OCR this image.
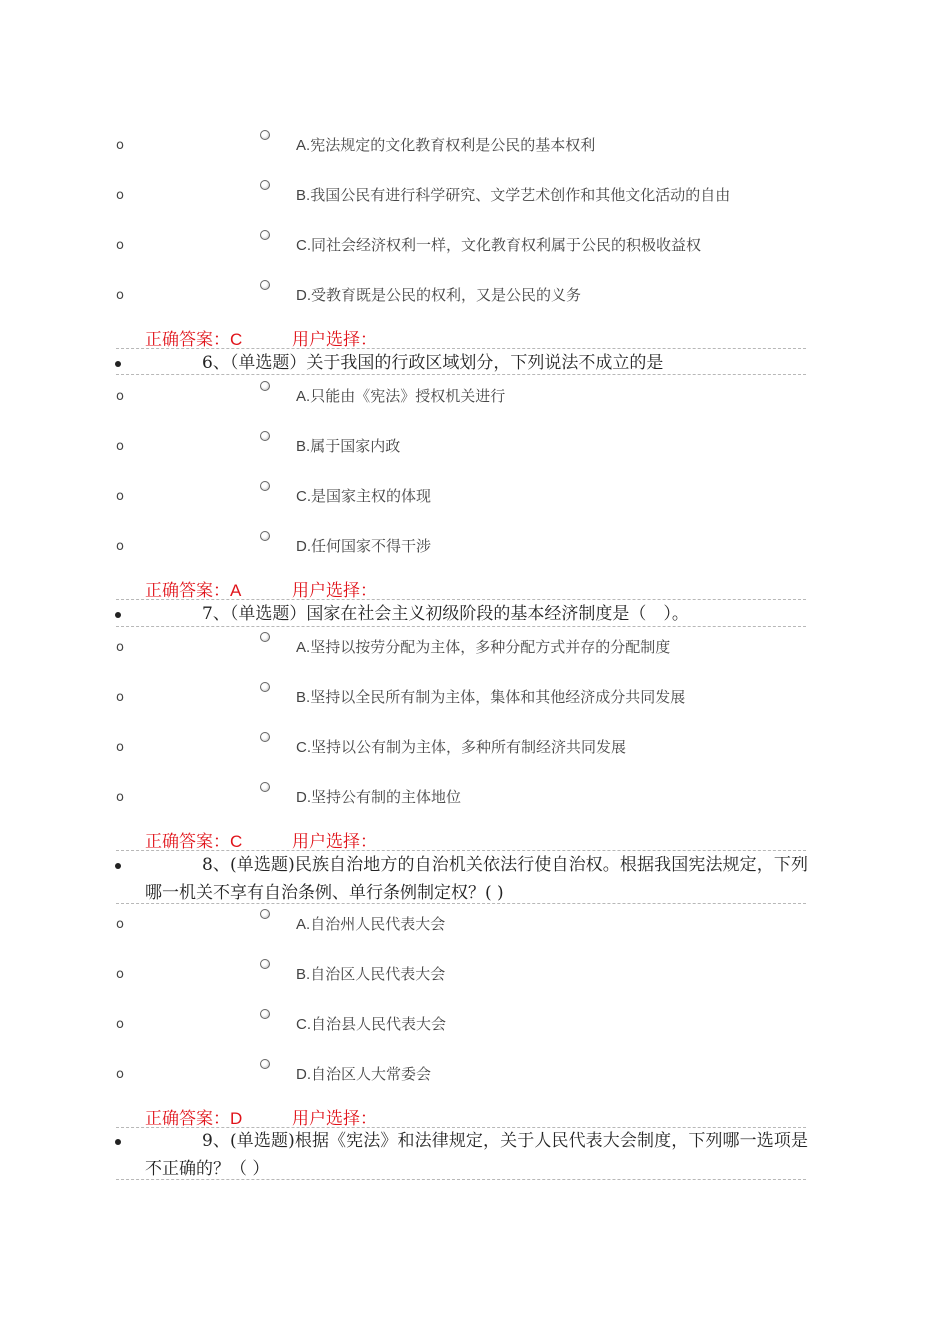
o	A.宪法规定的文化教育权利是公民的基本权利
o	B.我国公民有进行科学研究、文学艺术创作和其他文化活动的自由
o	C.同社会经济权利一样，文化教育权利属于公民的积极收益权
o	D.受教育既是公民的权利，又是公民的义务
正确答案：C	用户选择：
6、（单选题）关于我国的行政区域划分，下列说法不成立的是
o	A.只能由《宪法》授权机关进行
o	B.属于国家内政
o	C.是国家主权的体现
o	D.任何国家不得干涉
正确答案：A	用户选择：
7、（单选题）国家在社会主义初级阶段的基本经济制度是（　）。
o	A.坚持以按劳分配为主体，多种分配方式并存的分配制度
o	B.坚持以全民所有制为主体，集体和其他经济成分共同发展
o	C.坚持以公有制为主体，多种所有制经济共同发展
o	D.坚持公有制的主体地位
正确答案：C	用户选择：
8、(单选题)民族自治地方的自治机关依法行使自治权。根据我国宪法规定，下列哪一机关不享有自治条例、单行条例制定权？( )
o	A.自治州人民代表大会
o	B.自治区人民代表大会
o	C.自治县人民代表大会
o	D.自治区人大常委会
正确答案：D	用户选择：
9、(单选题)根据《宪法》和法律规定，关于人民代表大会制度，下列哪一选项是不正确的？（ ）
